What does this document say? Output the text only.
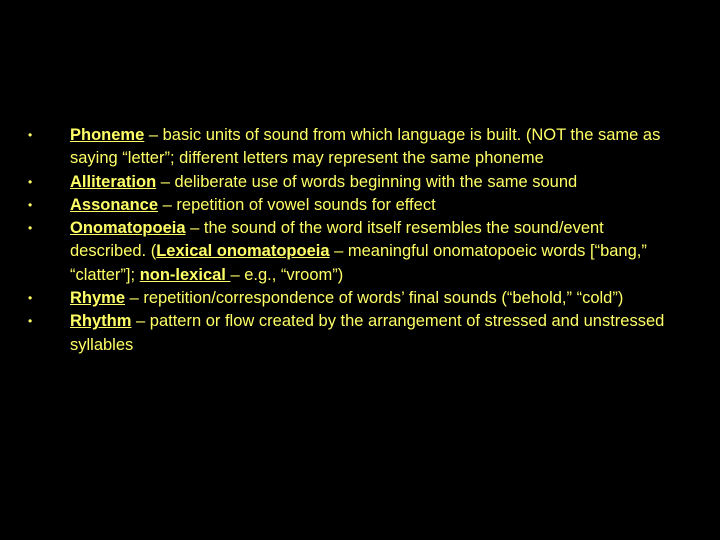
•	Phoneme – basic units of sound from which language is built. (NOT the same as saying “letter”; different letters may represent the same phoneme
•	Alliteration – deliberate use of words beginning with the same sound
•	Assonance – repetition of vowel sounds for effect
•	Onomatopoeia – the sound of the word itself resembles the sound/event described. (Lexical onomatopoeia – meaningful onomatopoeic words [“bang,” “clatter”]; non-lexical – e.g., “vroom”)
•	Rhyme – repetition/correspondence of words’ final sounds (“behold,” “cold”)
•	Rhythm – pattern or flow created by the arrangement of stressed and unstressed syllables
